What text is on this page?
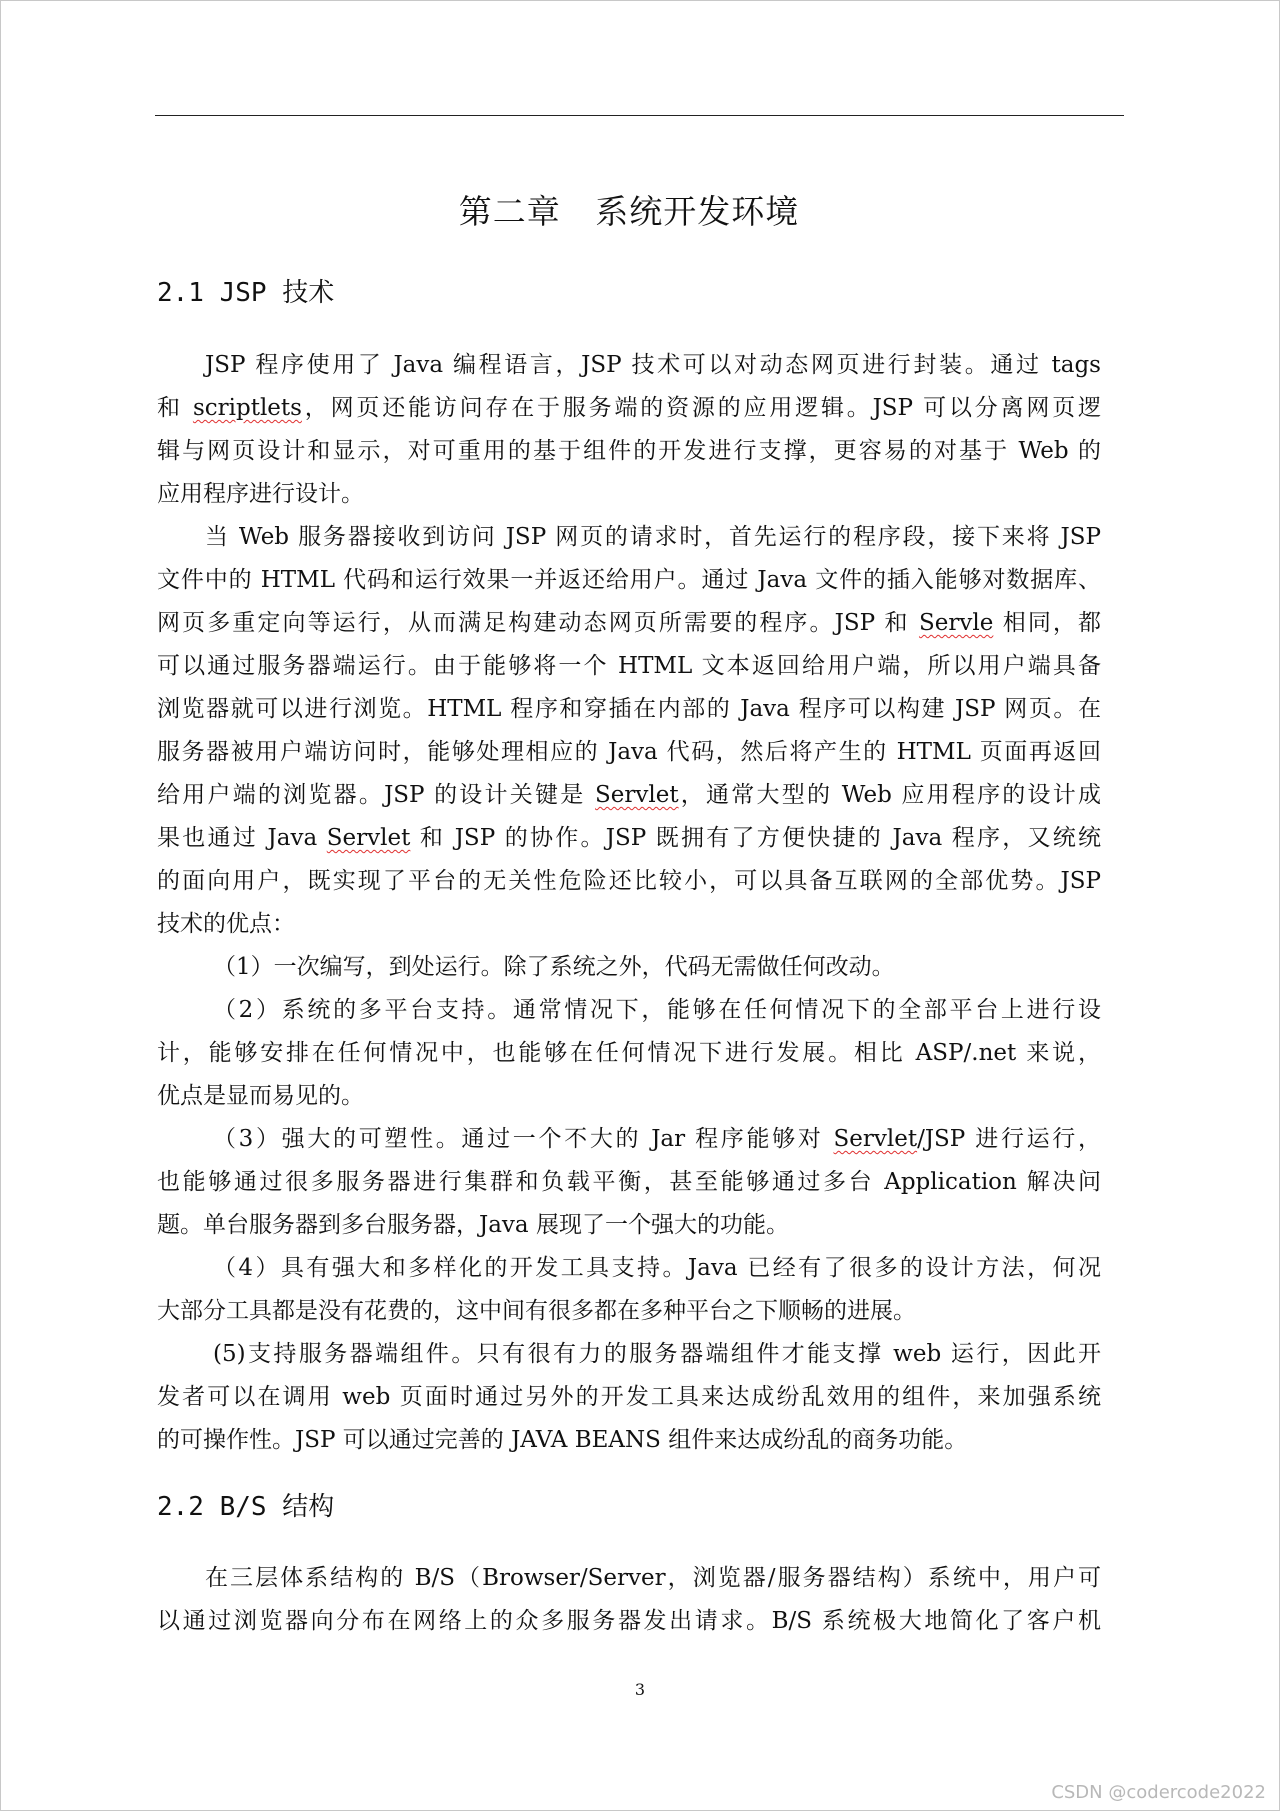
第二章   系统开发环境
2.1 JSP 技术
JSP 程序使用了 Java 编程语言，JSP 技术可以对动态网页进行封装。通过 tags
和 scriptlets，网页还能访问存在于服务端的资源的应用逻辑。JSP 可以分离网页逻
辑与网页设计和显示，对可重用的基于组件的开发进行支撑，更容易的对基于 Web 的
应用程序进行设计。
当 Web 服务器接收到访问 JSP 网页的请求时，首先运行的程序段，接下来将 JSP
文件中的 HTML 代码和运行效果一并返还给用户。通过 Java 文件的插入能够对数据库、
网页多重定向等运行，从而满足构建动态网页所需要的程序。JSP 和 Servle 相同，都
可以通过服务器端运行。由于能够将一个 HTML 文本返回给用户端，所以用户端具备
浏览器就可以进行浏览。HTML 程序和穿插在内部的 Java 程序可以构建 JSP 网页。在
服务器被用户端访问时，能够处理相应的 Java 代码，然后将产生的 HTML 页面再返回
给用户端的浏览器。JSP 的设计关键是 Servlet，通常大型的 Web 应用程序的设计成
果也通过 Java Servlet 和 JSP 的协作。JSP 既拥有了方便快捷的 Java 程序，又统统
的面向用户，既实现了平台的无关性危险还比较小，可以具备互联网的全部优势。JSP
技术的优点：
（1）一次编写，到处运行。除了系统之外，代码无需做任何改动。
（2）系统的多平台支持。通常情况下，能够在任何情况下的全部平台上进行设
计，能够安排在任何情况中，也能够在任何情况下进行发展。相比 ASP/.net 来说，
优点是显而易见的。
（3）强大的可塑性。通过一个不大的 Jar 程序能够对 Servlet/JSP 进行运行，
也能够通过很多服务器进行集群和负载平衡，甚至能够通过多台 Application 解决问
题。单台服务器到多台服务器，Java 展现了一个强大的功能。
（4）具有强大和多样化的开发工具支持。Java 已经有了很多的设计方法，何况
大部分工具都是没有花费的，这中间有很多都在多种平台之下顺畅的进展。
(5)支持服务器端组件。只有很有力的服务器端组件才能支撑 web 运行，因此开
发者可以在调用 web 页面时通过另外的开发工具来达成纷乱效用的组件，来加强系统
的可操作性。JSP 可以通过完善的 JAVA BEANS 组件来达成纷乱的商务功能。
2.2 B/S 结构
在三层体系结构的 B/S（Browser/Server，浏览器/服务器结构）系统中，用户可
以通过浏览器向分布在网络上的众多服务器发出请求。B/S 系统极大地简化了客户机
3
CSDN @codercode2022
